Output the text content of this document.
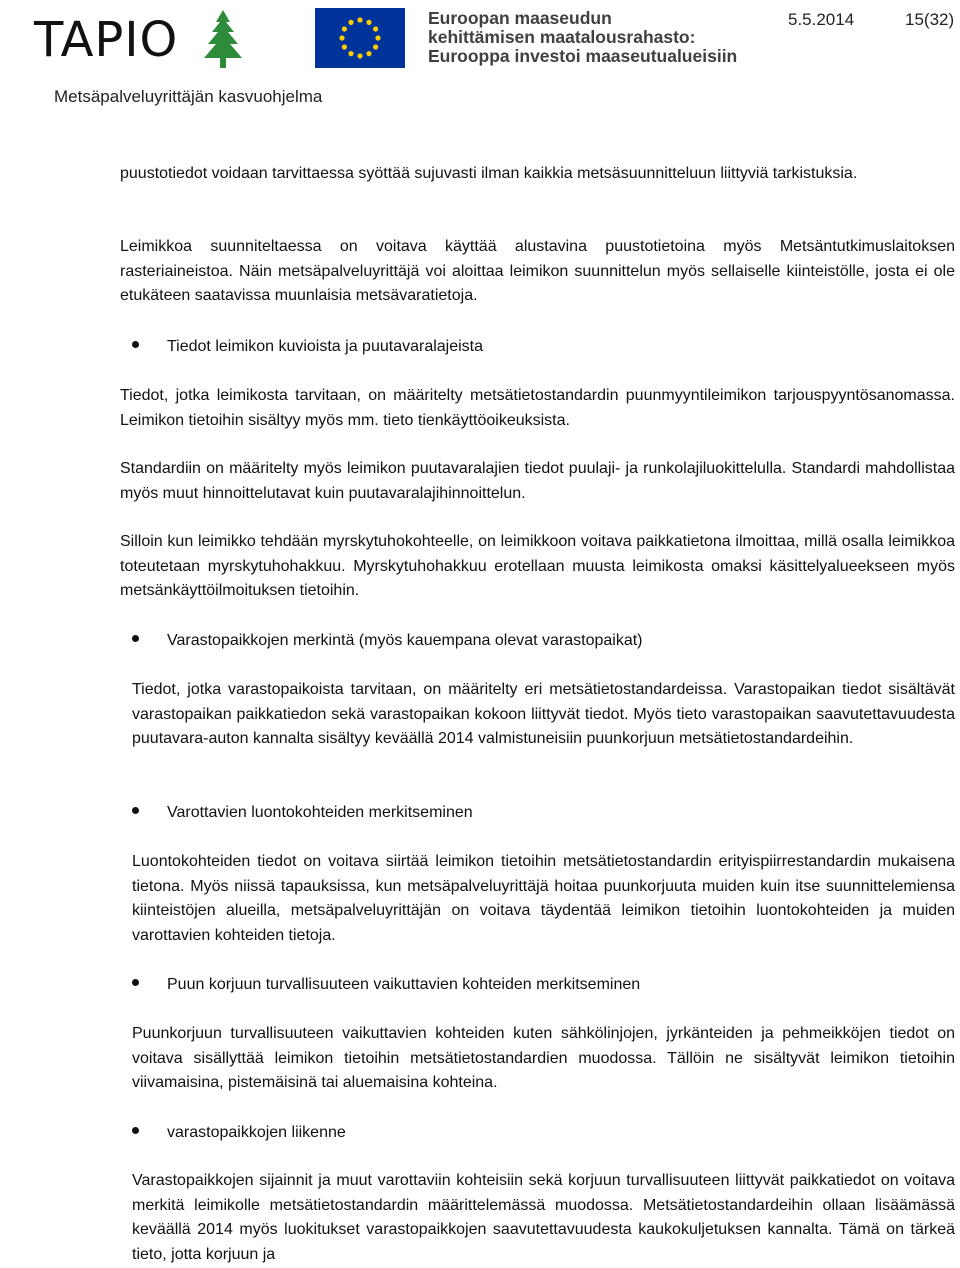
TAPIO	Euroopan maaseudun
kehittämisen maatalousrahasto:
Eurooppa investoi maaseutualueisiin
5.5.2014	15(32)
Metsäpalveluyrittäjän kasvuohjelma

puustotiedot voidaan tarvittaessa syöttää sujuvasti ilman kaikkia metsäsuunnitteluun liittyviä tarkistuksia.

Leimikkoa suunniteltaessa on voitava käyttää alustavina puustotietoina myös Metsäntutkimuslaitoksen rasteriaineistoa. Näin metsäpalveluyrittäjä voi aloittaa leimikon suunnittelun myös sellaiselle kiinteistölle, josta ei ole etukäteen saatavissa muunlaisia metsävaratietoja.

Tiedot leimikon kuvioista ja puutavaralajeista

Tiedot, jotka leimikosta tarvitaan, on määritelty metsätietostandardin puunmyyntileimikon tarjouspyyntösanomassa. Leimikon tietoihin sisältyy myös mm. tieto tienkäyttöoikeuksista.

Standardiin on määritelty myös leimikon puutavaralajien tiedot puulaji- ja runkolajiluokittelulla. Standardi mahdollistaa myös muut hinnoittelutavat kuin puutavaralajihinnoittelun.

Silloin kun leimikko tehdään myrskytuhokohteelle, on leimikkoon voitava paikkatietona ilmoittaa, millä osalla leimikkoa toteutetaan myrskytuhohakkuu. Myrskytuhohakkuu erotellaan muusta leimikosta omaksi käsittelyalueekseen myös metsänkäyttöilmoituksen tietoihin.

Varastopaikkojen merkintä (myös kauempana olevat varastopaikat)

Tiedot, jotka varastopaikoista tarvitaan, on määritelty eri metsätietostandardeissa. Varastopaikan tiedot sisältävät varastopaikan paikkatiedon sekä varastopaikan kokoon liittyvät tiedot. Myös tieto varastopaikan saavutettavuudesta puutavara-auton kannalta sisältyy keväällä 2014 valmistuneisiin puunkorjuun metsätietostandardeihin.

Varottavien luontokohteiden merkitseminen

Luontokohteiden tiedot on voitava siirtää leimikon tietoihin metsätietostandardin erityispiirrestandardin mukaisena tietona. Myös niissä tapauksissa, kun metsäpalveluyrittäjä hoitaa puunkorjuuta muiden kuin itse suunnittelemiensa kiinteistöjen alueilla, metsäpalveluyrittäjän on voitava täydentää leimikon tietoihin luontokohteiden ja muiden varottavien kohteiden tietoja.

Puun korjuun turvallisuuteen vaikuttavien kohteiden merkitseminen

Puunkorjuun turvallisuuteen vaikuttavien kohteiden kuten sähkölinjojen, jyrkänteiden ja pehmeikköjen tiedot on voitava sisällyttää leimikon tietoihin metsätietostandardien muodossa. Tällöin ne sisältyvät leimikon tietoihin viivamaisina, pistemäisinä tai aluemaisina kohteina.

varastopaikkojen liikenne

Varastopaikkojen sijainnit ja muut varottaviin kohteisiin sekä korjuun turvallisuuteen liittyvät paikkatiedot on voitava merkitä leimikolle metsätietostandardin määrittelemässä muodossa. Metsätietostandardeihin ollaan lisäämässä keväällä 2014 myös luokitukset varastopaikkojen saavutettavuudesta kaukokuljetuksen kannalta. Tämä on tärkeä tieto, jotta korjuun ja
